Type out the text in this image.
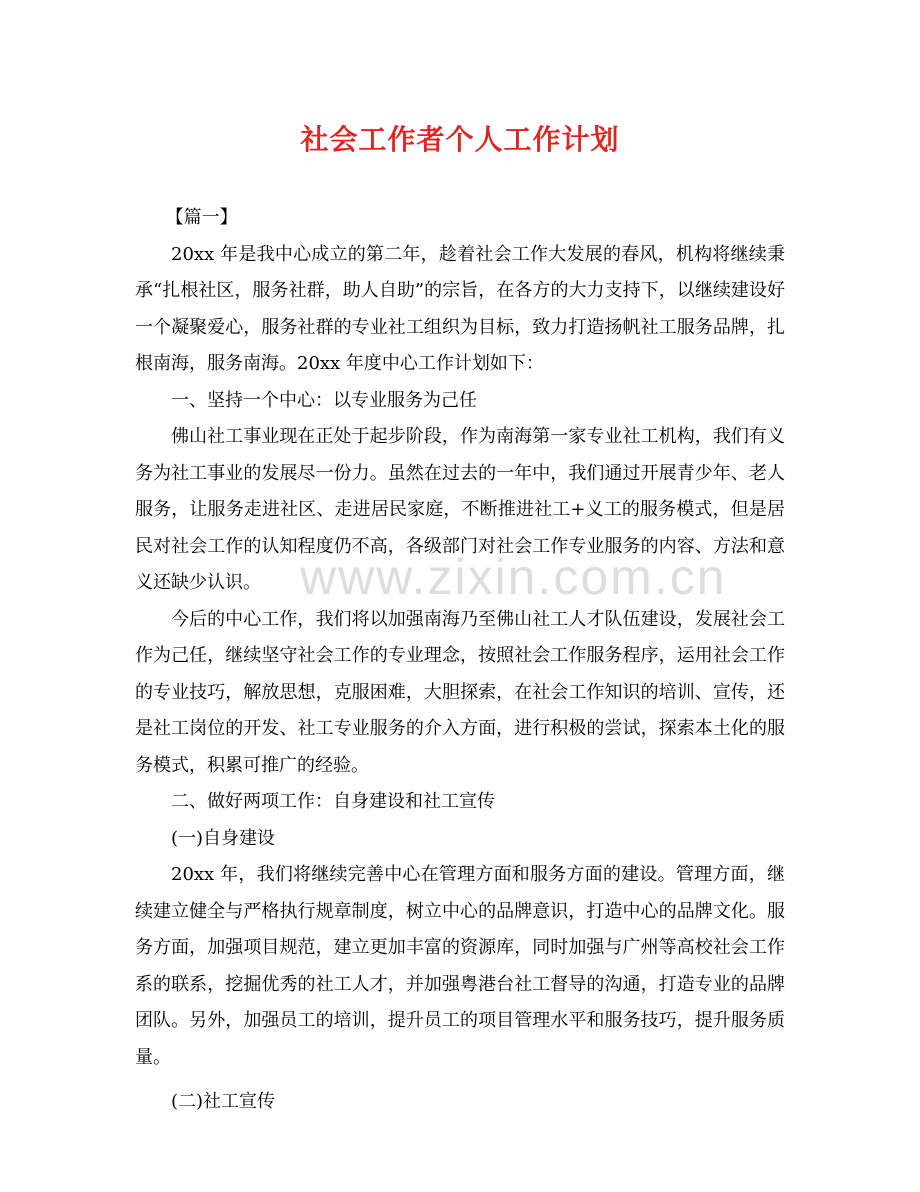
社会工作者个人工作计划
www.zixin.com.cn

【篇一】

20xx 年是我中心成立的第二年，趁着社会工作大发展的春风，机构将继续秉承“扎根社区，服务社群，助人自助”的宗旨，在各方的大力支持下，以继续建设好一个凝聚爱心，服务社群的专业社工组织为目标，致力打造扬帆社工服务品牌，扎根南海，服务南海。20xx 年度中心工作计划如下：

一、坚持一个中心：以专业服务为己任

佛山社工事业现在正处于起步阶段，作为南海第一家专业社工机构，我们有义务为社工事业的发展尽一份力。虽然在过去的一年中，我们通过开展青少年、老人服务，让服务走进社区、走进居民家庭，不断推进社工+义工的服务模式，但是居民对社会工作的认知程度仍不高，各级部门对社会工作专业服务的内容、方法和意义还缺少认识。

今后的中心工作，我们将以加强南海乃至佛山社工人才队伍建设，发展社会工作为己任，继续坚守社会工作的专业理念，按照社会工作服务程序，运用社会工作的专业技巧，解放思想，克服困难，大胆探索，在社会工作知识的培训、宣传，还是社工岗位的开发、社工专业服务的介入方面，进行积极的尝试，探索本土化的服务模式，积累可推广的经验。

二、做好两项工作：自身建设和社工宣传

(一)自身建设

20xx 年，我们将继续完善中心在管理方面和服务方面的建设。管理方面，继续建立健全与严格执行规章制度，树立中心的品牌意识，打造中心的品牌文化。服务方面，加强项目规范，建立更加丰富的资源库，同时加强与广州等高校社会工作系的联系，挖掘优秀的社工人才，并加强粤港台社工督导的沟通，打造专业的品牌团队。另外，加强员工的培训，提升员工的项目管理水平和服务技巧，提升服务质量。

(二)社工宣传
